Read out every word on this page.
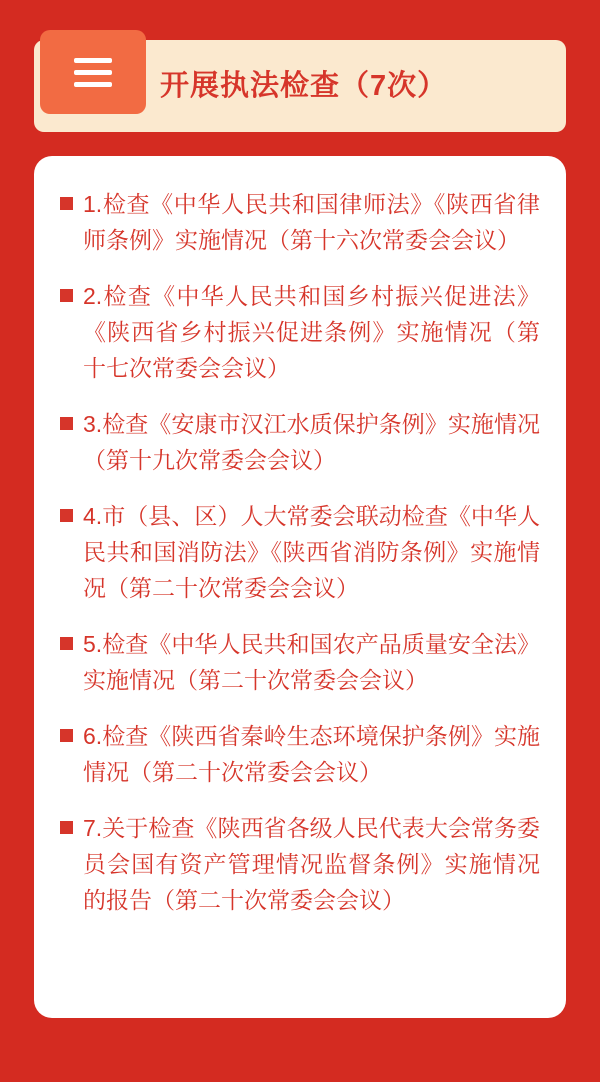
开展执法检查（7次）
1.检查《中华人民共和国律师法》《陕西省律师条例》实施情况（第十六次常委会会议）
2.检查《中华人民共和国乡村振兴促进法》《陕西省乡村振兴促进条例》实施情况（第十七次常委会会议）
3.检查《安康市汉江水质保护条例》实施情况（第十九次常委会会议）
4.市（县、区）人大常委会联动检查《中华人民共和国消防法》《陕西省消防条例》实施情况（第二十次常委会会议）
5.检查《中华人民共和国农产品质量安全法》实施情况（第二十次常委会会议）
6.检查《陕西省秦岭生态环境保护条例》实施情况（第二十次常委会会议）
7.关于检查《陕西省各级人民代表大会常务委员会国有资产管理情况监督条例》实施情况的报告（第二十次常委会会议）
